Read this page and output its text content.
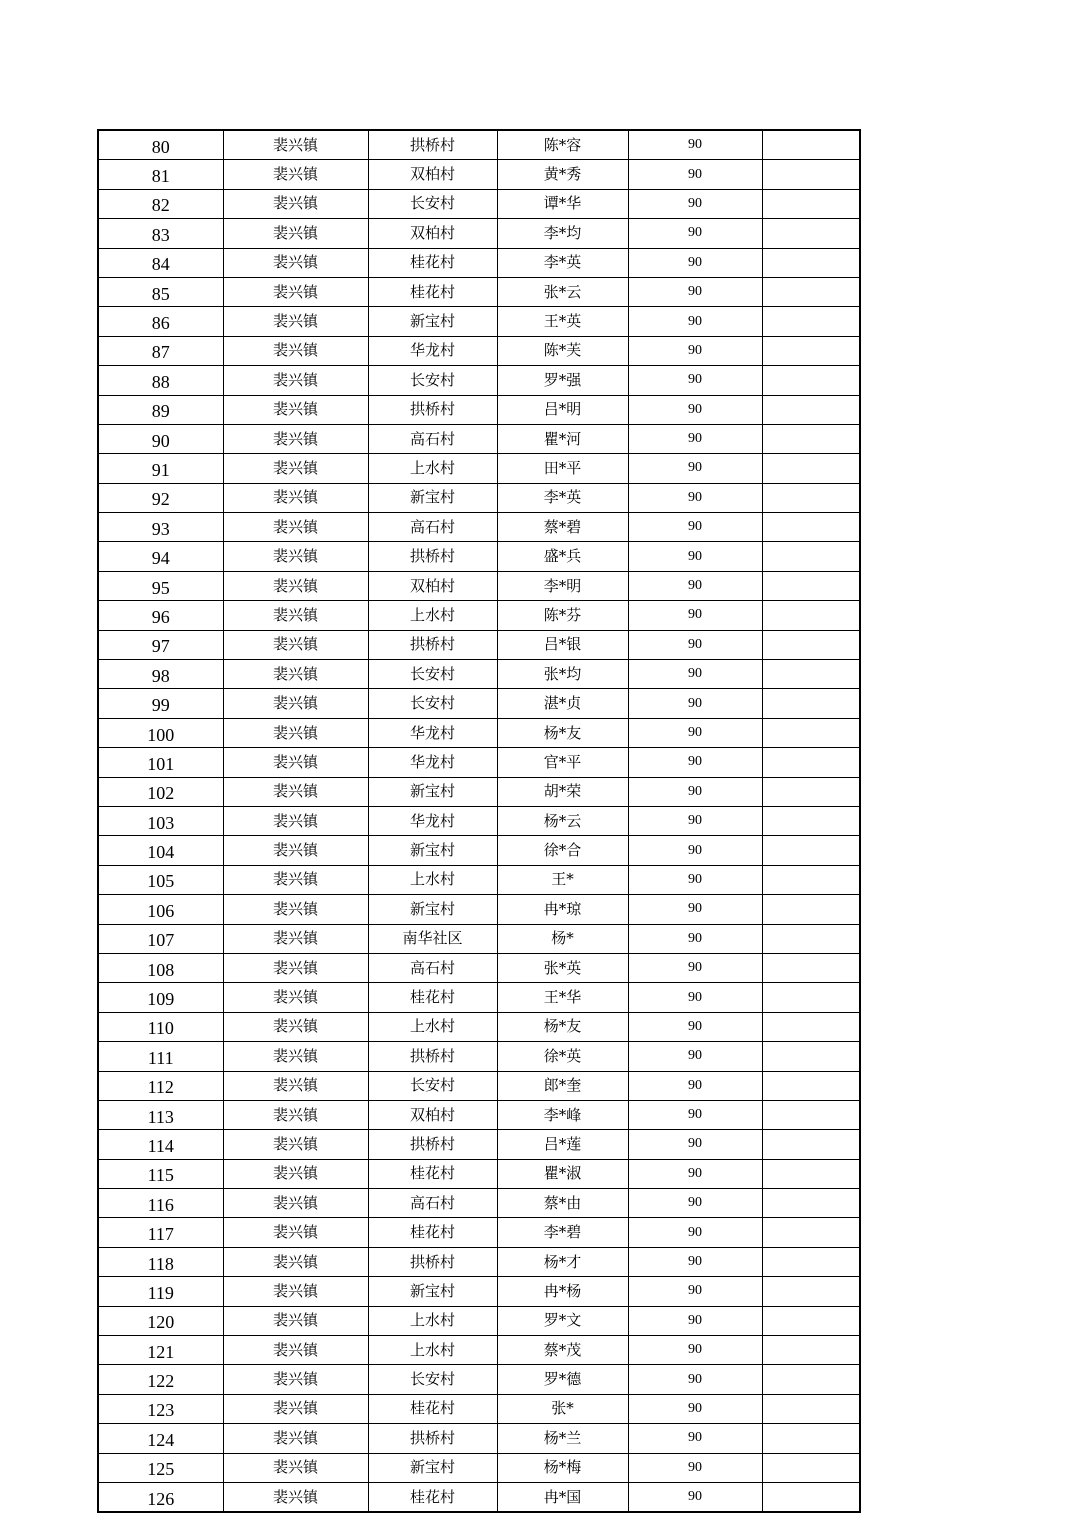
80	裴兴镇	拱桥村	陈*容	90	
81	裴兴镇	双柏村	黄*秀	90	
82	裴兴镇	长安村	谭*华	90	
83	裴兴镇	双柏村	李*均	90	
84	裴兴镇	桂花村	李*英	90	
85	裴兴镇	桂花村	张*云	90	
86	裴兴镇	新宝村	王*英	90	
87	裴兴镇	华龙村	陈*芙	90	
88	裴兴镇	长安村	罗*强	90	
89	裴兴镇	拱桥村	吕*明	90	
90	裴兴镇	高石村	瞿*河	90	
91	裴兴镇	上水村	田*平	90	
92	裴兴镇	新宝村	李*英	90	
93	裴兴镇	高石村	蔡*碧	90	
94	裴兴镇	拱桥村	盛*兵	90	
95	裴兴镇	双柏村	李*明	90	
96	裴兴镇	上水村	陈*芬	90	
97	裴兴镇	拱桥村	吕*银	90	
98	裴兴镇	长安村	张*均	90	
99	裴兴镇	长安村	湛*贞	90	
100	裴兴镇	华龙村	杨*友	90	
101	裴兴镇	华龙村	官*平	90	
102	裴兴镇	新宝村	胡*荣	90	
103	裴兴镇	华龙村	杨*云	90	
104	裴兴镇	新宝村	徐*合	90	
105	裴兴镇	上水村	王*	90	
106	裴兴镇	新宝村	冉*琼	90	
107	裴兴镇	南华社区	杨*	90	
108	裴兴镇	高石村	张*英	90	
109	裴兴镇	桂花村	王*华	90	
110	裴兴镇	上水村	杨*友	90	
111	裴兴镇	拱桥村	徐*英	90	
112	裴兴镇	长安村	郎*奎	90	
113	裴兴镇	双柏村	李*峰	90	
114	裴兴镇	拱桥村	吕*莲	90	
115	裴兴镇	桂花村	瞿*淑	90	
116	裴兴镇	高石村	蔡*由	90	
117	裴兴镇	桂花村	李*碧	90	
118	裴兴镇	拱桥村	杨*才	90	
119	裴兴镇	新宝村	冉*杨	90	
120	裴兴镇	上水村	罗*文	90	
121	裴兴镇	上水村	蔡*茂	90	
122	裴兴镇	长安村	罗*德	90	
123	裴兴镇	桂花村	张*	90	
124	裴兴镇	拱桥村	杨*兰	90	
125	裴兴镇	新宝村	杨*梅	90	
126	裴兴镇	桂花村	冉*国	90	
